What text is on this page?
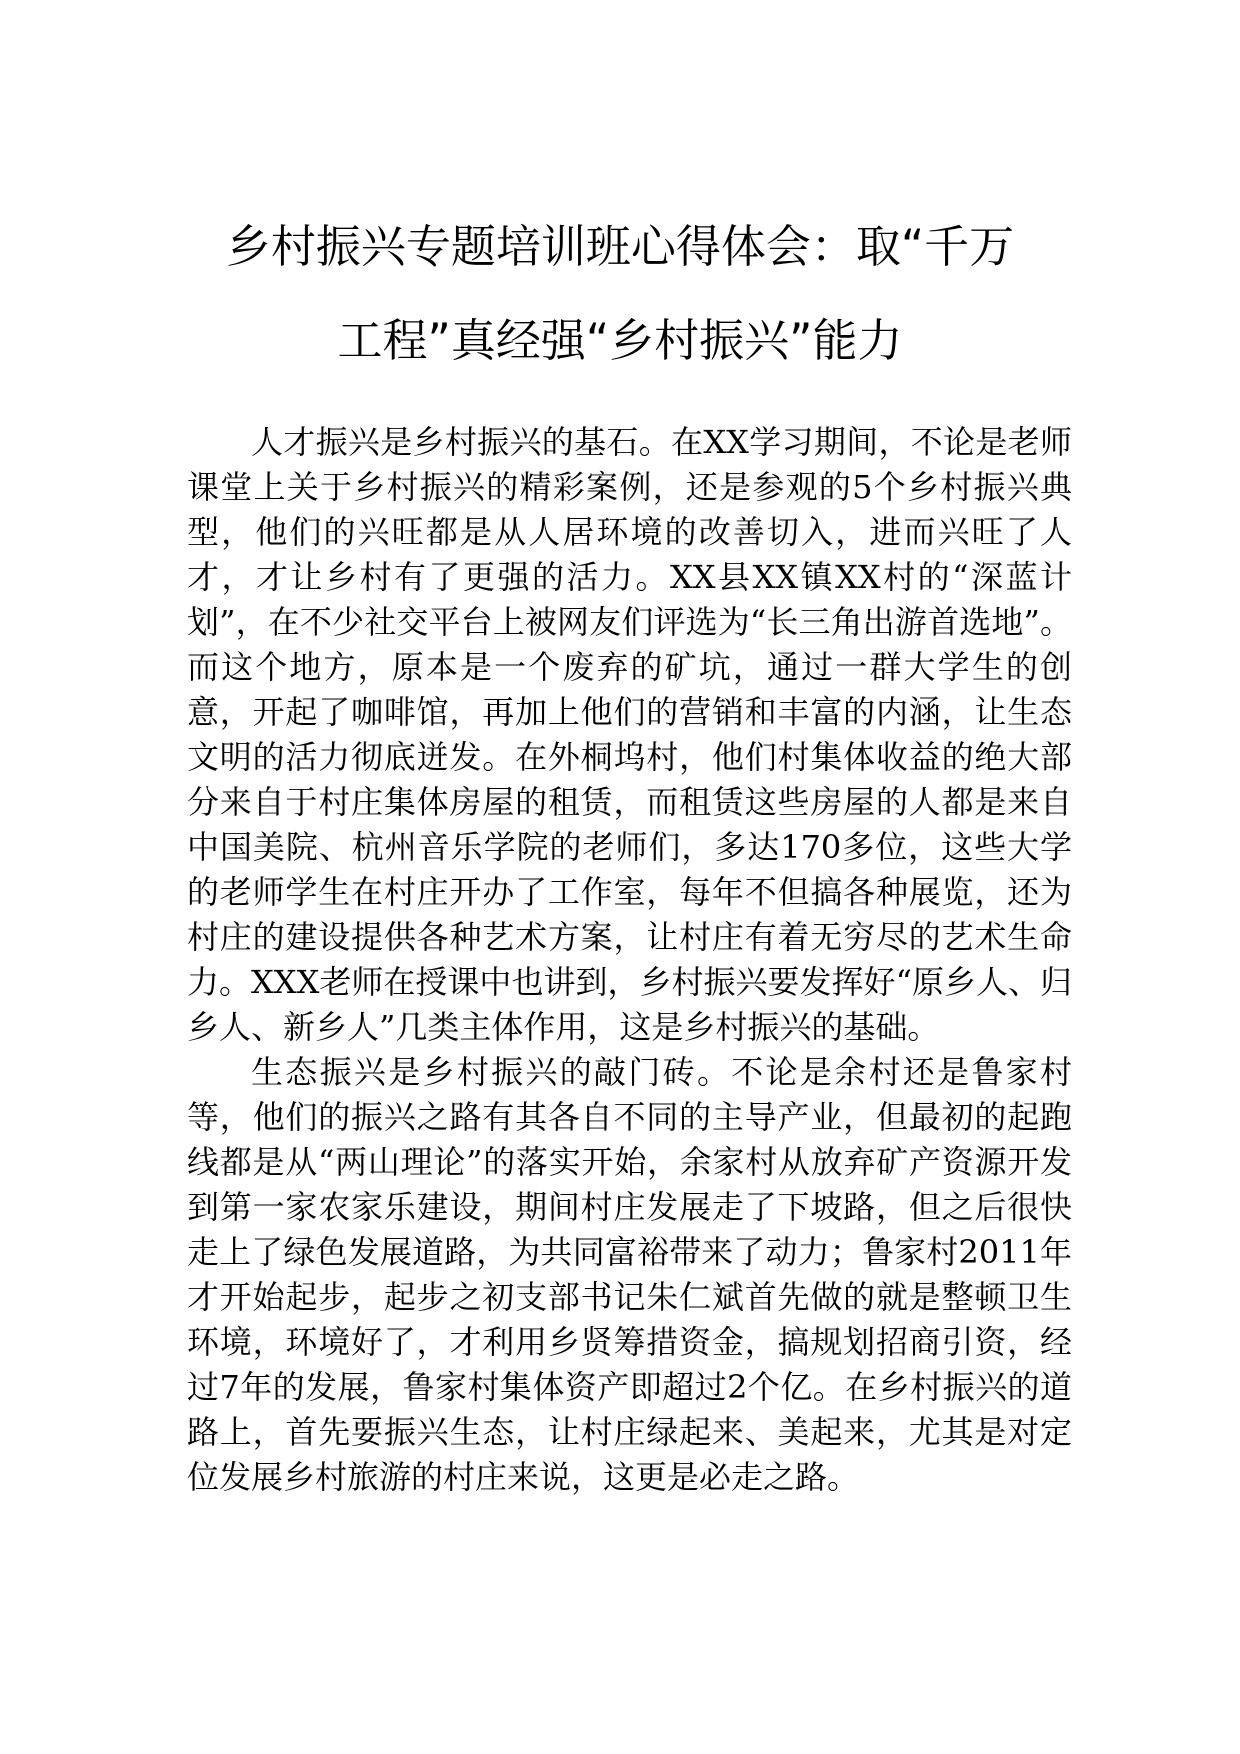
乡村振兴专题培训班心得体会：取“千万
工程”真经强“乡村振兴”能力

人才振兴是乡村振兴的基石。在XX学习期间，不论是老师课堂上关于乡村振兴的精彩案例，还是参观的5个乡村振兴典型，他们的兴旺都是从人居环境的改善切入，进而兴旺了人才，才让乡村有了更强的活力。XX县XX镇XX村的“深蓝计划”，在不少社交平台上被网友们评选为“长三角出游首选地”。而这个地方，原本是一个废弃的矿坑，通过一群大学生的创意，开起了咖啡馆，再加上他们的营销和丰富的内涵，让生态文明的活力彻底迸发。在外桐坞村，他们村集体收益的绝大部分来自于村庄集体房屋的租赁，而租赁这些房屋的人都是来自中国美院、杭州音乐学院的老师们，多达170多位，这些大学的老师学生在村庄开办了工作室，每年不但搞各种展览，还为村庄的建设提供各种艺术方案，让村庄有着无穷尽的艺术生命力。XXX老师在授课中也讲到，乡村振兴要发挥好“原乡人、归乡人、新乡人”几类主体作用，这是乡村振兴的基础。

生态振兴是乡村振兴的敲门砖。不论是余村还是鲁家村等，他们的振兴之路有其各自不同的主导产业，但最初的起跑线都是从“两山理论”的落实开始，余家村从放弃矿产资源开发到第一家农家乐建设，期间村庄发展走了下坡路，但之后很快走上了绿色发展道路，为共同富裕带来了动力；鲁家村2011年才开始起步，起步之初支部书记朱仁斌首先做的就是整顿卫生环境，环境好了，才利用乡贤筹措资金，搞规划招商引资，经过7年的发展，鲁家村集体资产即超过2个亿。在乡村振兴的道路上，首先要振兴生态，让村庄绿起来、美起来，尤其是对定位发展乡村旅游的村庄来说，这更是必走之路。
